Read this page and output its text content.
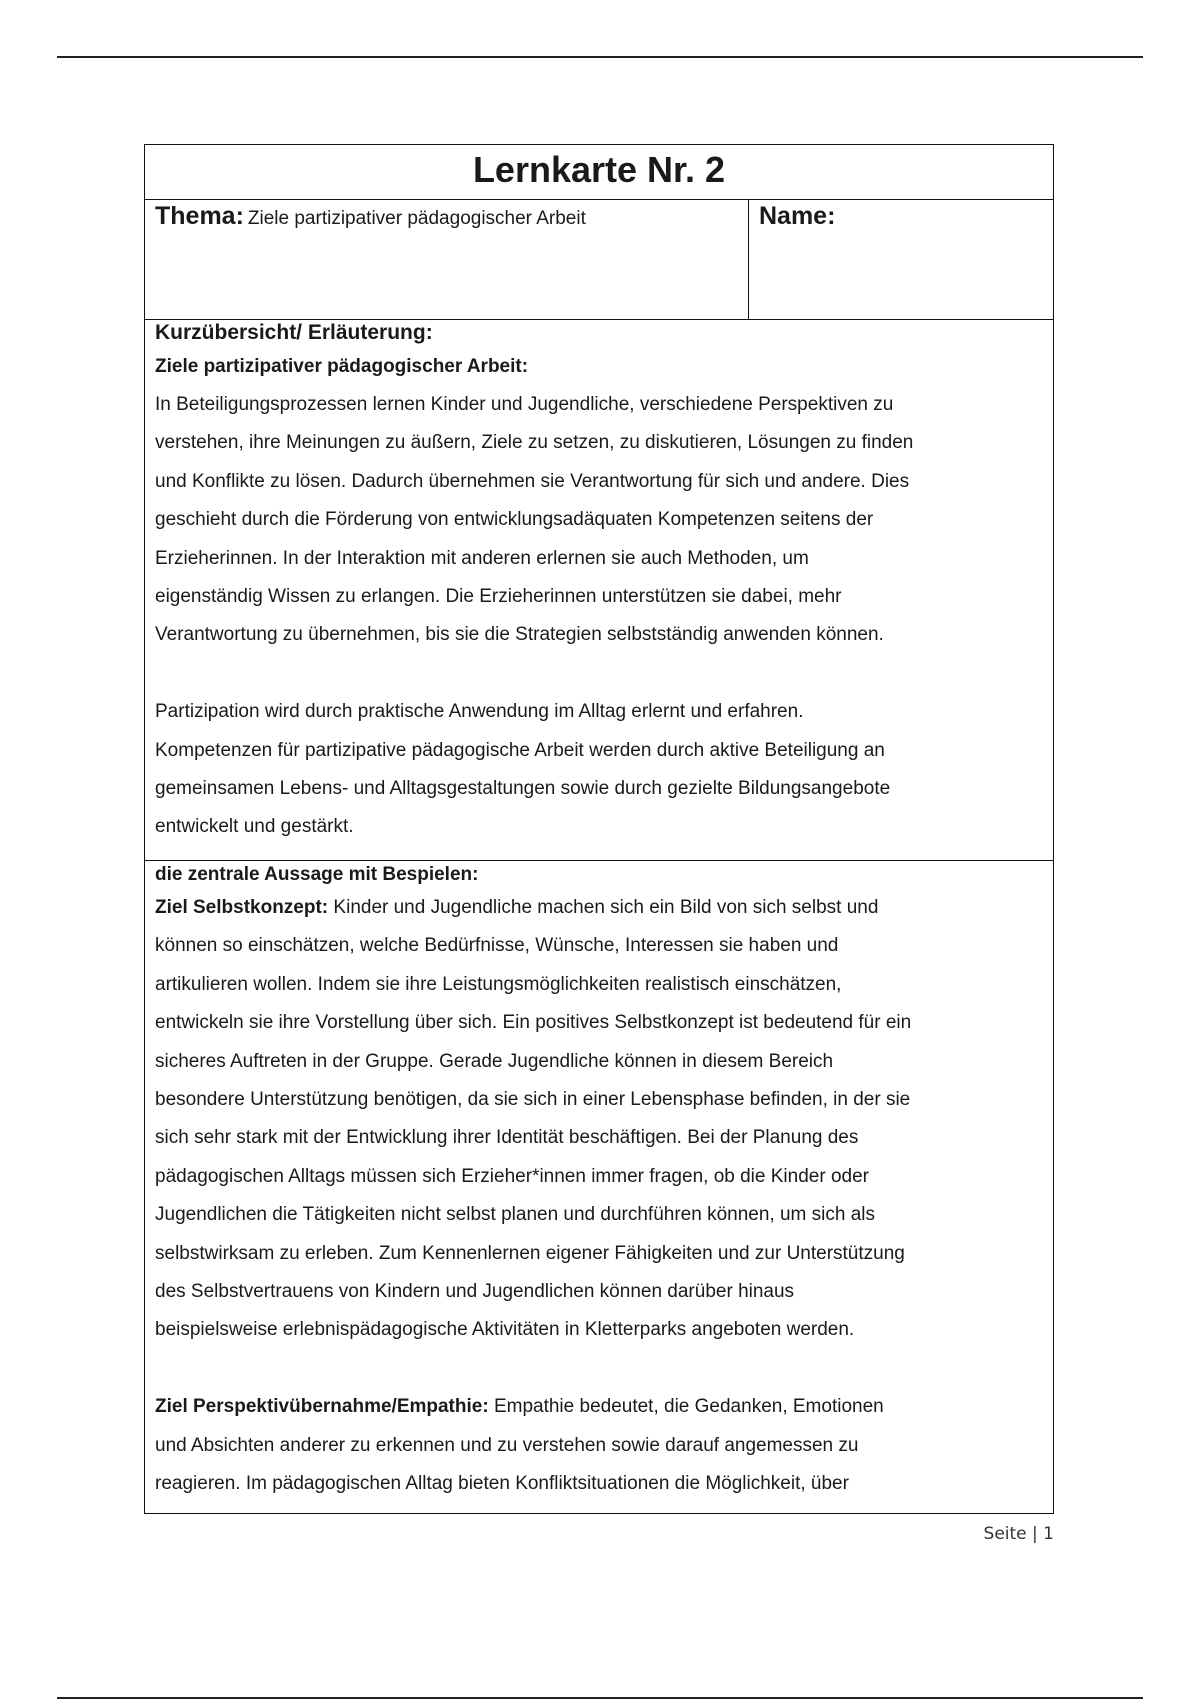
Lernkarte Nr. 2
Thema: Ziele partizipativer pädagogischer Arbeit	Name:
Kurzübersicht/ Erläuterung:
Ziele partizipativer pädagogischer Arbeit:

In Beteiligungsprozessen lernen Kinder und Jugendliche, verschiedene Perspektiven zu

verstehen, ihre Meinungen zu äußern, Ziele zu setzen, zu diskutieren, Lösungen zu finden

und Konflikte zu lösen. Dadurch übernehmen sie Verantwortung für sich und andere. Dies

geschieht durch die Förderung von entwicklungsadäquaten Kompetenzen seitens der

Erzieherinnen. In der Interaktion mit anderen erlernen sie auch Methoden, um

eigenständig Wissen zu erlangen. Die Erzieherinnen unterstützen sie dabei, mehr

Verantwortung zu übernehmen, bis sie die Strategien selbstständig anwenden können.

Partizipation wird durch praktische Anwendung im Alltag erlernt und erfahren.

Kompetenzen für partizipative pädagogische Arbeit werden durch aktive Beteiligung an

gemeinsamen Lebens- und Alltagsgestaltungen sowie durch gezielte Bildungsangebote

entwickelt und gestärkt.

die zentrale Aussage mit Bespielen:

Ziel Selbstkonzept: Kinder und Jugendliche machen sich ein Bild von sich selbst und

können so einschätzen, welche Bedürfnisse, Wünsche, Interessen sie haben und

artikulieren wollen. Indem sie ihre Leistungsmöglichkeiten realistisch einschätzen,

entwickeln sie ihre Vorstellung über sich. Ein positives Selbstkonzept ist bedeutend für ein

sicheres Auftreten in der Gruppe. Gerade Jugendliche können in diesem Bereich

besondere Unterstützung benötigen, da sie sich in einer Lebensphase befinden, in der sie

sich sehr stark mit der Entwicklung ihrer Identität beschäftigen. Bei der Planung des

pädagogischen Alltags müssen sich Erzieher*innen immer fragen, ob die Kinder oder

Jugendlichen die Tätigkeiten nicht selbst planen und durchführen können, um sich als

selbstwirksam zu erleben. Zum Kennenlernen eigener Fähigkeiten und zur Unterstützung

des Selbstvertrauens von Kindern und Jugendlichen können darüber hinaus

beispielsweise erlebnispädagogische Aktivitäten in Kletterparks angeboten werden.

Ziel Perspektivübernahme/Empathie: Empathie bedeutet, die Gedanken, Emotionen

und Absichten anderer zu erkennen und zu verstehen sowie darauf angemessen zu

reagieren. Im pädagogischen Alltag bieten Konfliktsituationen die Möglichkeit, über

Seite | 1
